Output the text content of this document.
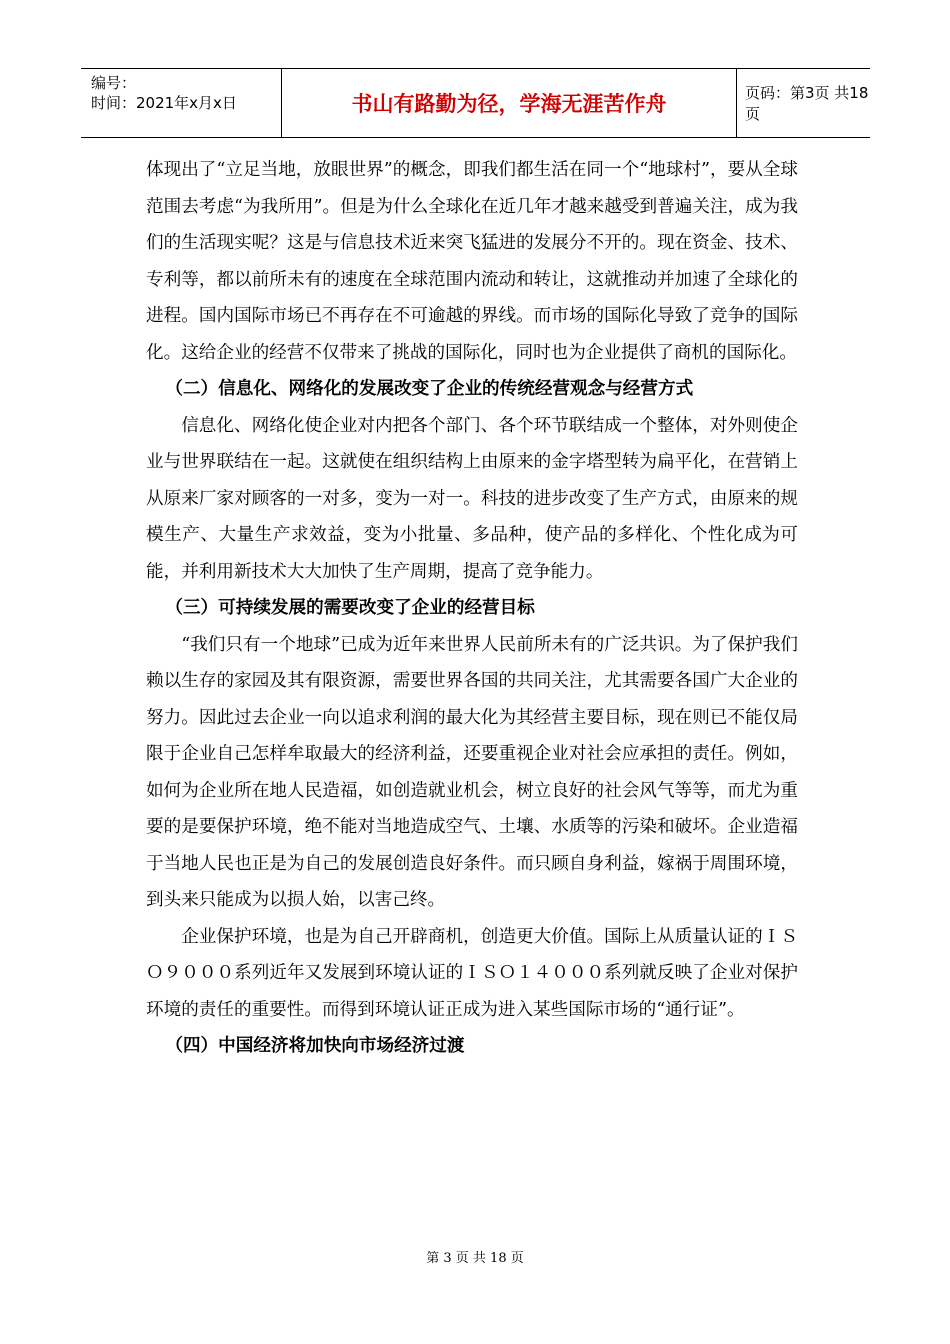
编号：
时间：2021年x月x日	书山有路勤为径，学海无涯苦作舟	页码：第3页 共18页

体现出了“立足当地，放眼世界”的概念，即我们都生活在同一个“地球村”，要从全球范围去考虑“为我所用”。但是为什么全球化在近几年才越来越受到普遍关注，成为我们的生活现实呢？这是与信息技术近来突飞猛进的发展分不开的。现在资金、技术、专利等，都以前所未有的速度在全球范围内流动和转让，这就推动并加速了全球化的进程。国内国际市场已不再存在不可逾越的界线。而市场的国际化导致了竞争的国际化。这给企业的经营不仅带来了挑战的国际化，同时也为企业提供了商机的国际化。

（二）信息化、网络化的发展改变了企业的传统经营观念与经营方式

信息化、网络化使企业对内把各个部门、各个环节联结成一个整体，对外则使企业与世界联结在一起。这就使在组织结构上由原来的金字塔型转为扁平化，在营销上从原来厂家对顾客的一对多，变为一对一。科技的进步改变了生产方式，由原来的规模生产、大量生产求效益，变为小批量、多品种，使产品的多样化、个性化成为可能，并利用新技术大大加快了生产周期，提高了竞争能力。

（三）可持续发展的需要改变了企业的经营目标

“我们只有一个地球”已成为近年来世界人民前所未有的广泛共识。为了保护我们赖以生存的家园及其有限资源，需要世界各国的共同关注，尤其需要各国广大企业的努力。因此过去企业一向以追求利润的最大化为其经营主要目标，现在则已不能仅局限于企业自己怎样牟取最大的经济利益，还要重视企业对社会应承担的责任。例如，如何为企业所在地人民造福，如创造就业机会，树立良好的社会风气等等，而尤为重要的是要保护环境，绝不能对当地造成空气、土壤、水质等的污染和破坏。企业造福于当地人民也正是为自己的发展创造良好条件。而只顾自身利益，嫁祸于周围环境，到头来只能成为以损人始，以害己终。

企业保护环境，也是为自己开辟商机，创造更大价值。国际上从质量认证的ＩＳＯ９０００系列近年又发展到环境认证的ＩＳＯ１４０００系列就反映了企业对保护环境的责任的重要性。而得到环境认证正成为进入某些国际市场的“通行证”。

（四）中国经济将加快向市场经济过渡
第 3 页 共 18 页
